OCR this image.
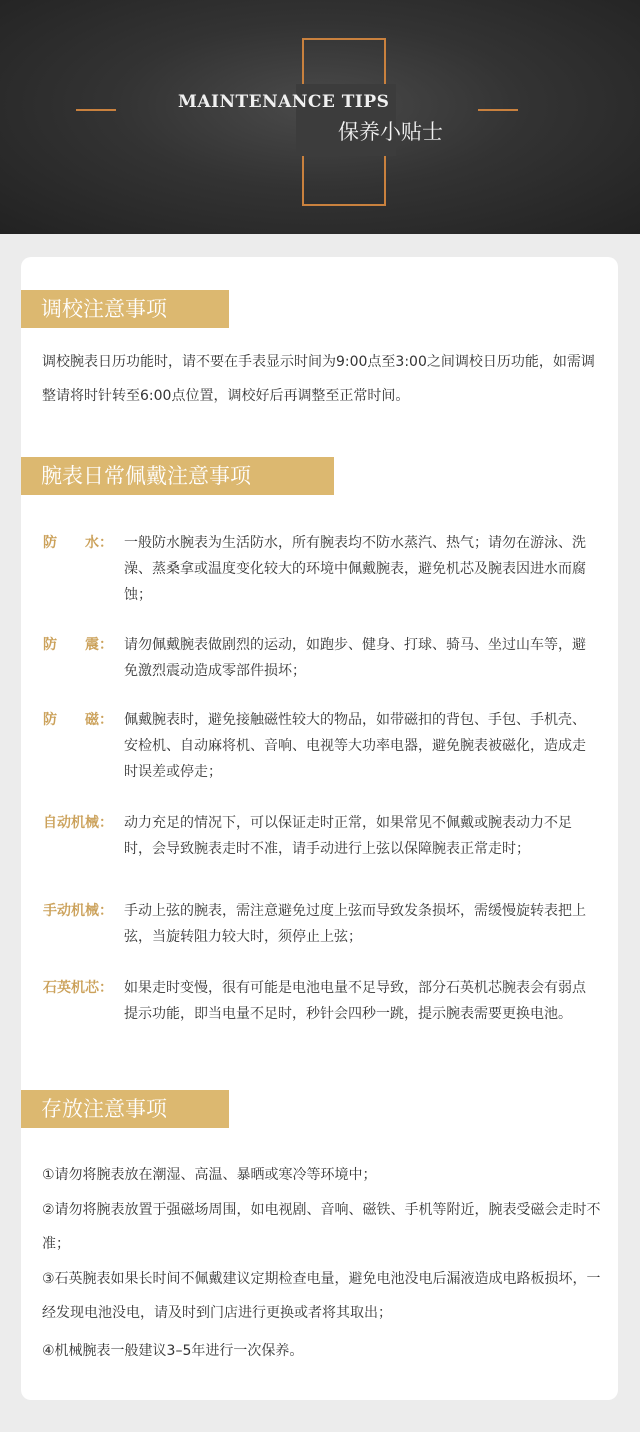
MAINTENANCE TIPS
保养小贴士
调校注意事项
调校腕表日历功能时，请不要在手表显示时间为9:00点至3:00之间调校日历功能，如需调整请将时针转至6:00点位置，调校好后再调整至正常时间。
腕表日常佩戴注意事项
防　　水： 一般防水腕表为生活防水，所有腕表均不防水蒸汽、热气；请勿在游泳、洗澡、蒸桑拿或温度变化较大的环境中佩戴腕表，避免机芯及腕表因进水而腐蚀；
防　　震： 请勿佩戴腕表做剧烈的运动，如跑步、健身、打球、骑马、坐过山车等，避免激烈震动造成零部件损坏；
防　　磁： 佩戴腕表时，避免接触磁性较大的物品，如带磁扣的背包、手包、手机壳、安检机、自动麻将机、音响、电视等大功率电器，避免腕表被磁化，造成走时误差或停走；
自动机械： 动力充足的情况下，可以保证走时正常，如果常见不佩戴或腕表动力不足时，会导致腕表走时不准，请手动进行上弦以保障腕表正常走时；
手动机械： 手动上弦的腕表，需注意避免过度上弦而导致发条损坏，需缓慢旋转表把上弦，当旋转阻力较大时，须停止上弦；
石英机芯： 如果走时变慢，很有可能是电池电量不足导致，部分石英机芯腕表会有弱点提示功能，即当电量不足时，秒针会四秒一跳，提示腕表需要更换电池。
存放注意事项
①请勿将腕表放在潮湿、高温、暴晒或寒冷等环境中；
②请勿将腕表放置于强磁场周围，如电视剧、音响、磁铁、手机等附近，腕表受磁会走时不准；
③石英腕表如果长时间不佩戴建议定期检查电量，避免电池没电后漏液造成电路板损坏，一经发现电池没电，请及时到门店进行更换或者将其取出；
④机械腕表一般建议3–5年进行一次保养。
